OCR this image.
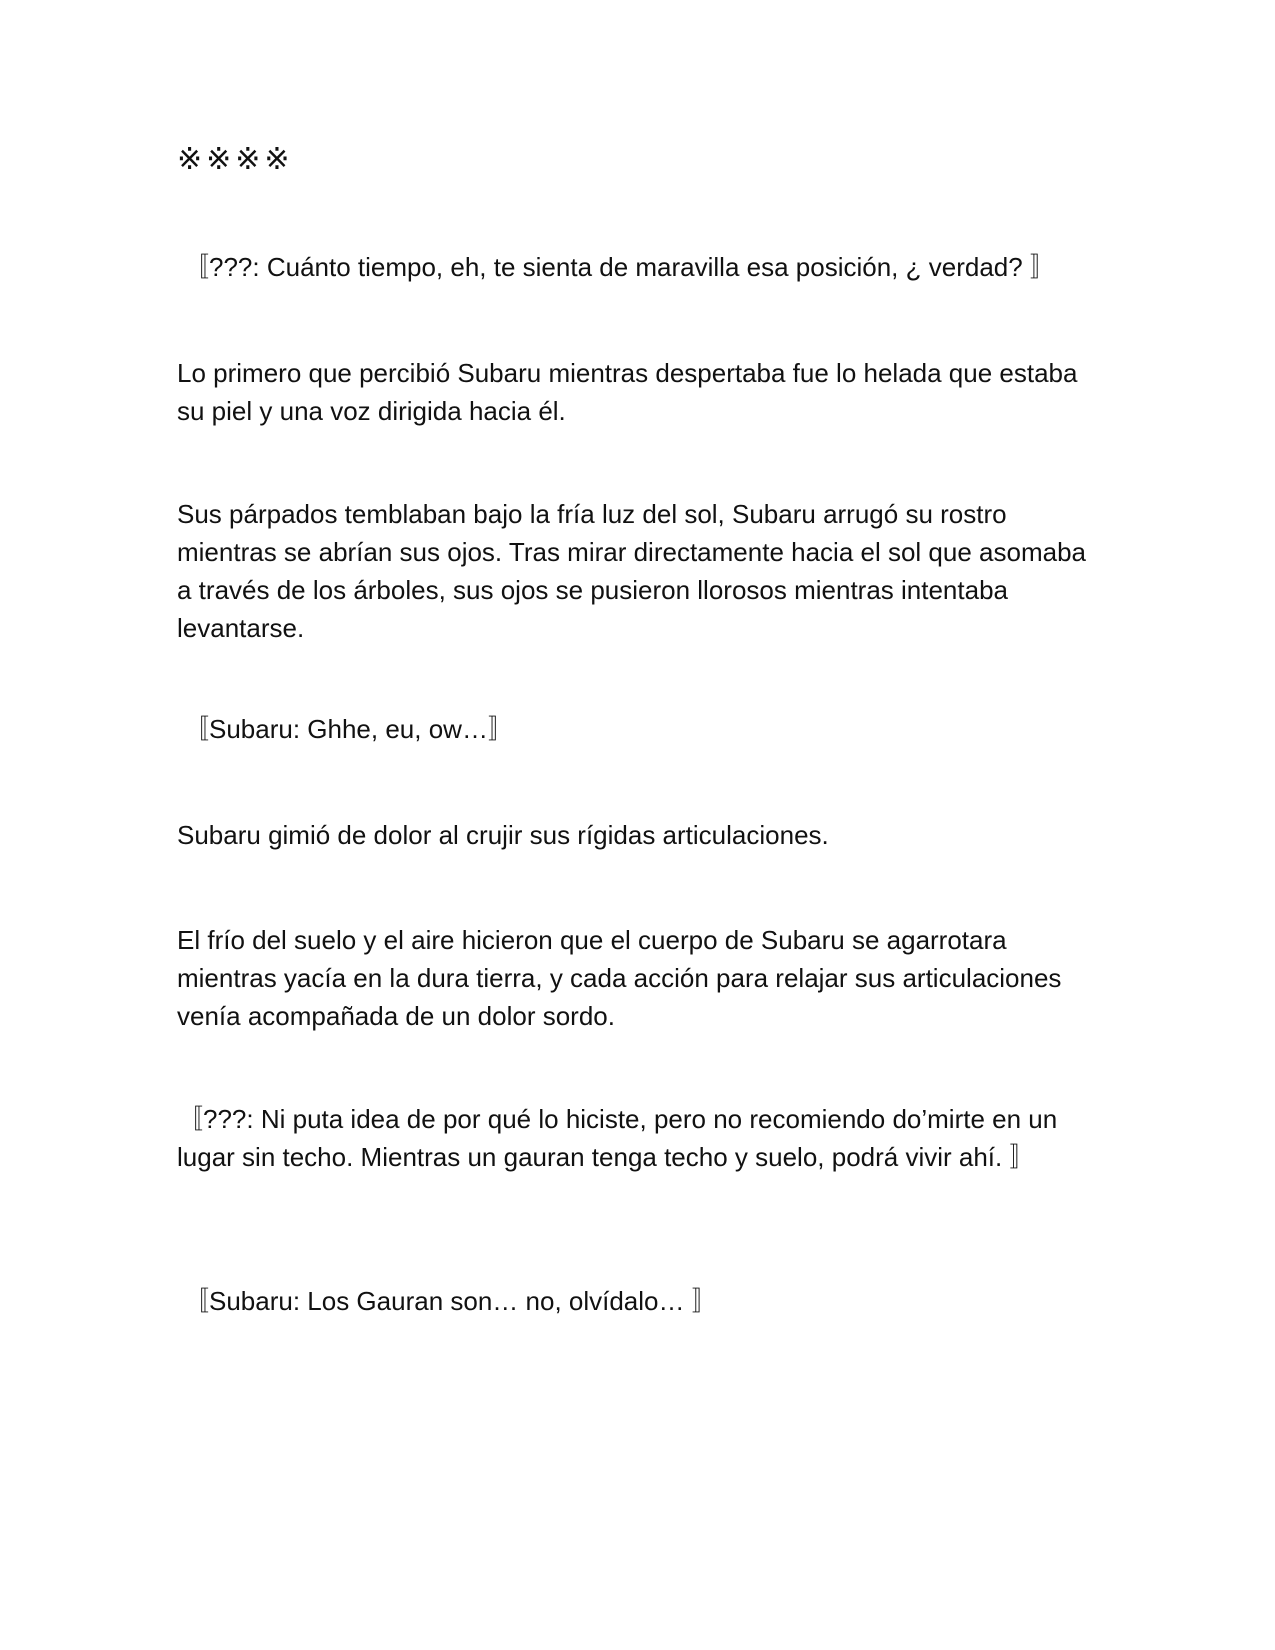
※※※※

〚???: Cuánto tiempo, eh, te sienta de maravilla esa posición, ¿ verdad? 〛

Lo primero que percibió Subaru mientras despertaba fue lo helada que estaba su piel y una voz dirigida hacia él.

Sus párpados temblaban bajo la fría luz del sol, Subaru arrugó su rostro mientras se abrían sus ojos. Tras mirar directamente hacia el sol que asomaba a través de los árboles, sus ojos se pusieron llorosos mientras intentaba levantarse.

〚Subaru: Ghhe, eu, ow…〛

Subaru gimió de dolor al crujir sus rígidas articulaciones.

El frío del suelo y el aire hicieron que el cuerpo de Subaru se agarrotara mientras yacía en la dura tierra, y cada acción para relajar sus articulaciones venía acompañada de un dolor sordo.

〚???: Ni puta idea de por qué lo hiciste, pero no recomiendo do’mirte en un lugar sin techo. Mientras un gauran tenga techo y suelo, podrá vivir ahí. 〛

〚Subaru: Los Gauran son… no, olvídalo… 〛
